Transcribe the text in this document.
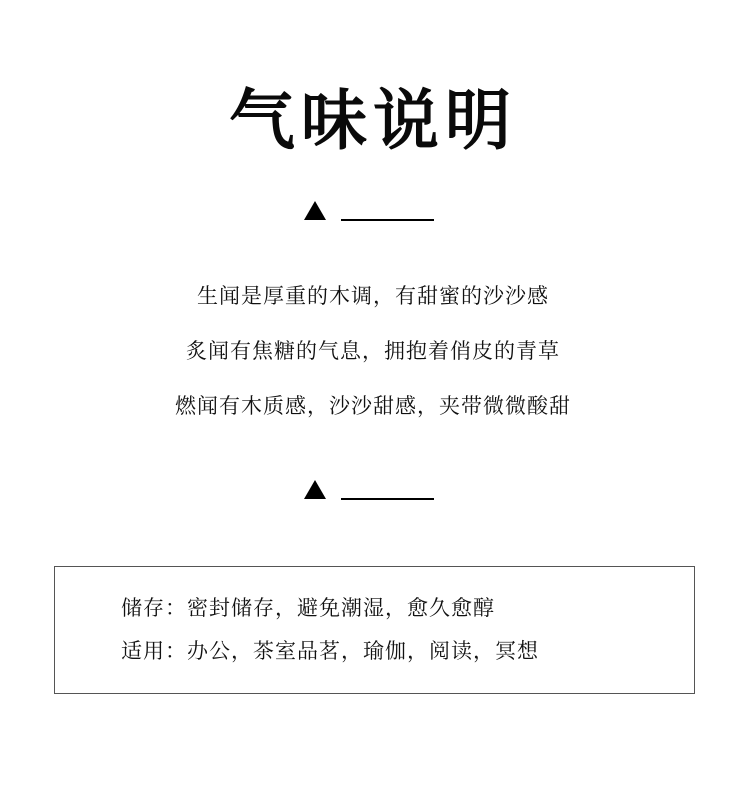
气味说明
生闻是厚重的木调，有甜蜜的沙沙感
炙闻有焦糖的气息，拥抱着俏皮的青草
燃闻有木质感，沙沙甜感，夹带微微酸甜
储存：密封储存，避免潮湿，愈久愈醇
适用：办公，茶室品茗，瑜伽，阅读，冥想
